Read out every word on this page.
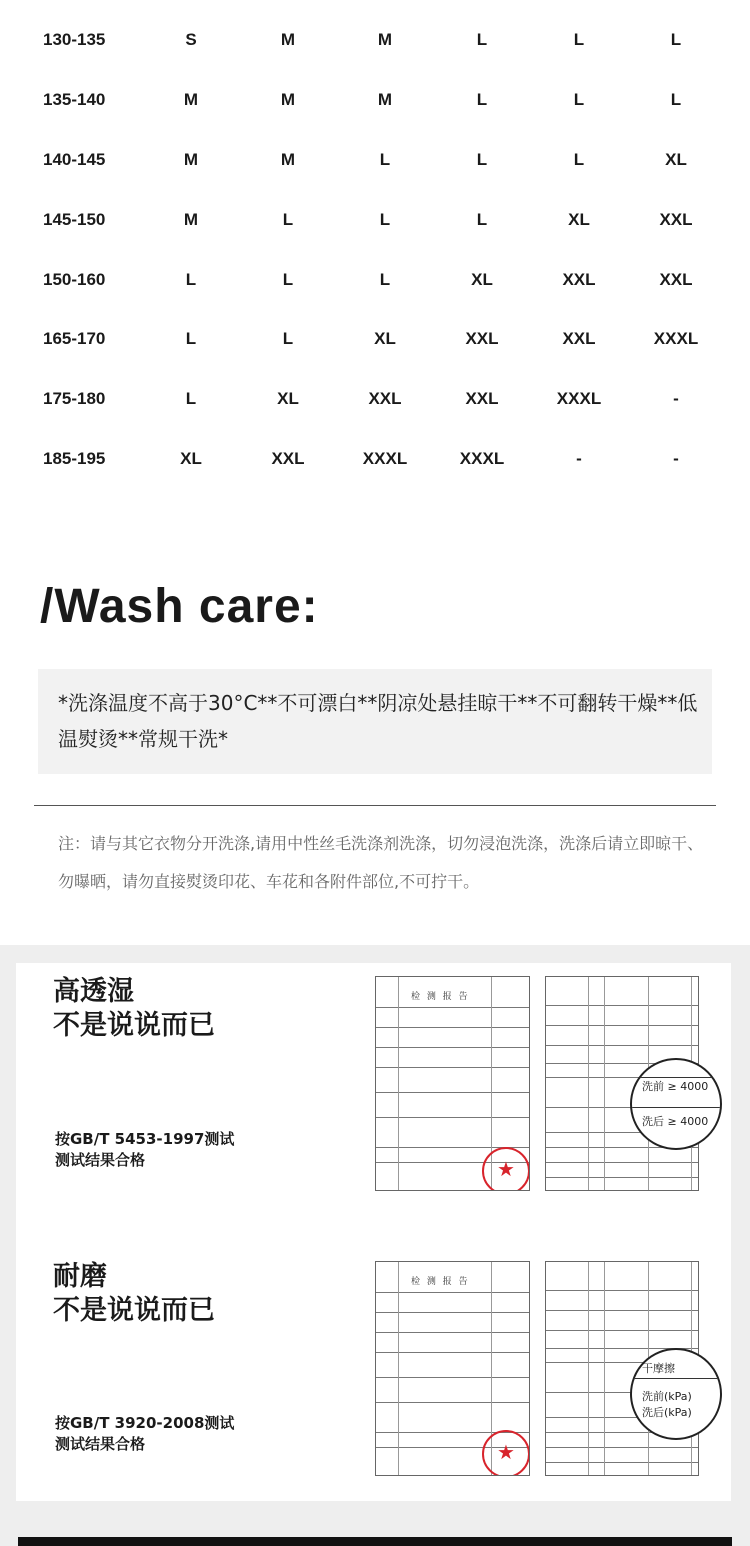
130-135	S	M	M	L	L	L
135-140	M	M	M	L	L	L
140-145	M	M	L	L	L	XL
145-150	M	L	L	L	XL	XXL
150-160	L	L	L	XL	XXL	XXL
165-170	L	L	XL	XXL	XXL	XXXL
175-180	L	XL	XXL	XXL	XXXL	-
185-195	XL	XXL	XXXL	XXXL	-	-
/Wash care:
*洗涤温度不高于30°C**不可漂白**阴凉处悬挂晾干**不可翻转干燥**低温熨烫**常规干洗*
注：请与其它衣物分开洗涤,请用中性丝毛洗涤剂洗涤，切勿浸泡洗涤，洗涤后请立即晾干、勿曝晒，请勿直接熨烫印花、车花和各附件部位,不可拧干。
高透湿
不是说说而已
按GB/T 5453-1997测试
测试结果合格
检 测 报 告
★
洗前 ≥ 4000
洗后 ≥ 4000
耐磨
不是说说而已
按GB/T 3920-2008测试
测试结果合格
检 测 报 告
★
干摩擦
洗前(kPa)
洗后(kPa)
